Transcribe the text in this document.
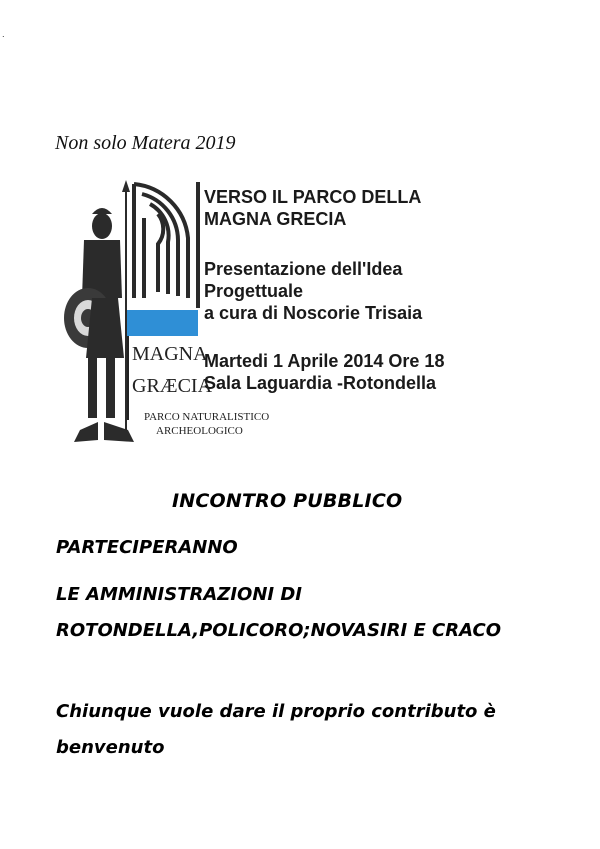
.
Non solo Matera 2019
MAGNA
GRÆCIA
PARCO NATURALISTICO
ARCHEOLOGICO
VERSO IL PARCO DELLA
MAGNA GRECIA
Presentazione dell'Idea
Progettuale
a cura di Noscorie Trisaia
Martedi 1 Aprile 2014 Ore 18
Sala Laguardia -Rotondella
INCONTRO PUBBLICO
PARTECIPERANNO
LE AMMINISTRAZIONI DI
ROTONDELLA,POLICORO;NOVASIRI E CRACO
Chiunque vuole dare il proprio contributo è
benvenuto
